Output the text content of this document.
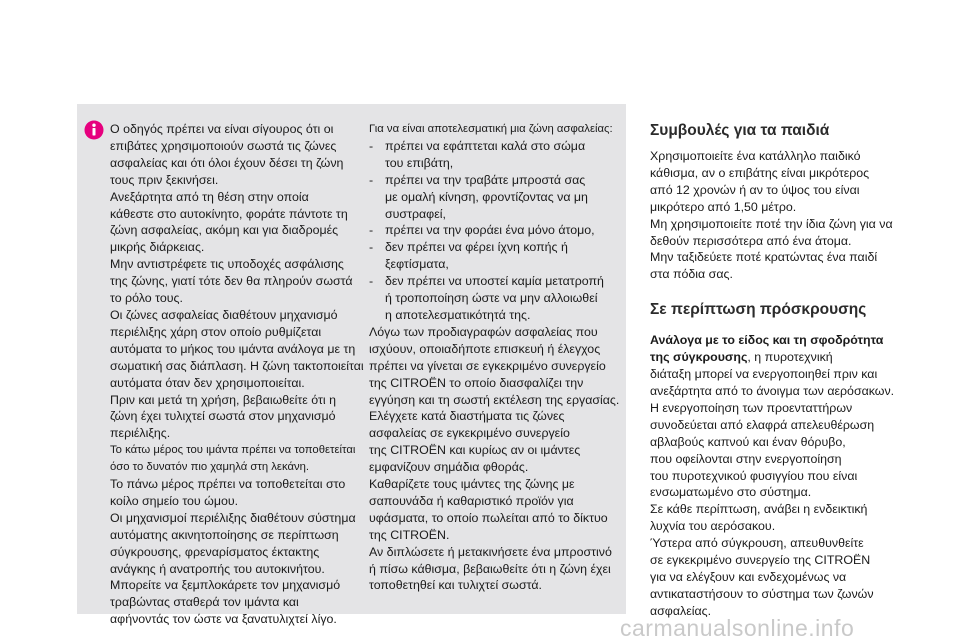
Ο οδηγός πρέπει να είναι σίγουρος ότι οι
επιβάτες χρησιμοποιούν σωστά τις ζώνες
ασφαλείας και ότι όλοι έχουν δέσει τη ζώνη
τους πριν ξεκινήσει.
Ανεξάρτητα από τη θέση στην οποία
κάθεστε στο αυτοκίνητο, φοράτε πάντοτε τη
ζώνη ασφαλείας, ακόμη και για διαδρομές
μικρής διάρκειας.
Μην αντιστρέφετε τις υποδοχές ασφάλισης
της ζώνης, γιατί τότε δεν θα πληρούν σωστά
το ρόλο τους.
Οι ζώνες ασφαλείας διαθέτουν μηχανισμό
περιέλιξης χάρη στον οποίο ρυθμίζεται
αυτόματα το μήκος του ιμάντα ανάλογα με τη
σωματική σας διάπλαση. Η ζώνη τακτοποιείται
αυτόματα όταν δεν χρησιμοποιείται.
Πριν και μετά τη χρήση, βεβαιωθείτε ότι η
ζώνη έχει τυλιχτεί σωστά στον μηχανισμό
περιέλιξης.
Το κάτω μέρος του ιμάντα πρέπει να τοποθετείται
όσο το δυνατόν πιο χαμηλά στη λεκάνη.
Το πάνω μέρος πρέπει να τοποθετείται στο
κοίλο σημείο του ώμου.
Οι μηχανισμοί περιέλιξης διαθέτουν σύστημα
αυτόματης ακινητοποίησης σε περίπτωση
σύγκρουσης, φρεναρίσματος έκτακτης
ανάγκης ή ανατροπής του αυτοκινήτου.
Μπορείτε να ξεμπλοκάρετε τον μηχανισμό
τραβώντας σταθερά τον ιμάντα και
αφήνοντάς τον ώστε να ξανατυλιχτεί λίγο.
Για να είναι αποτελεσματική μια ζώνη ασφαλείας:
- πρέπει να εφάπτεται καλά στο σώμα
του επιβάτη,
- πρέπει να την τραβάτε μπροστά σας
με ομαλή κίνηση, φροντίζοντας να μη
συστραφεί,
- πρέπει να την φοράει ένα μόνο άτομο,
- δεν πρέπει να φέρει ίχνη κοπής ή
ξεφτίσματα,
- δεν πρέπει να υποστεί καμία μετατροπή
ή τροποποίηση ώστε να μην αλλοιωθεί
η αποτελεσματικότητά της.
Λόγω των προδιαγραφών ασφαλείας που
ισχύουν, οποιαδήποτε επισκευή ή έλεγχος
πρέπει να γίνεται σε εγκεκριμένο συνεργείο
της CITROËN το οποίο διασφαλίζει την
εγγύηση και τη σωστή εκτέλεση της εργασίας.
Ελέγχετε κατά διαστήματα τις ζώνες
ασφαλείας σε εγκεκριμένο συνεργείο
της CITROËN και κυρίως αν οι ιμάντες
εμφανίζουν σημάδια φθοράς.
Καθαρίζετε τους ιμάντες της ζώνης με
σαπουνάδα ή καθαριστικό προϊόν για
υφάσματα, το οποίο πωλείται από το δίκτυο
της CITROËN.
Αν διπλώσετε ή μετακινήσετε ένα μπροστινό
ή πίσω κάθισμα, βεβαιωθείτε ότι η ζώνη έχει
τοποθετηθεί και τυλιχτεί σωστά.
Συμβουλές για τα παιδιά
Χρησιμοποιείτε ένα κατάλληλο παιδικό
κάθισμα, αν ο επιβάτης είναι μικρότερος
από 12 χρονών ή αν το ύψος του είναι
μικρότερο από 1,50 μέτρο.
Μη χρησιμοποιείτε ποτέ την ίδια ζώνη για να
δεθούν περισσότερα από ένα άτομα.
Μην ταξιδεύετε ποτέ κρατώντας ένα παιδί
στα πόδια σας.
Σε περίπτωση πρόσκρουσης
Ανάλογα με το είδος και τη σφοδρότητα
της σύγκρουσης, η πυροτεχνική
διάταξη μπορεί να ενεργοποιηθεί πριν και
ανεξάρτητα από το άνοιγμα των αερόσακων.
Η ενεργοποίηση των προενταττήρων
συνοδεύεται από ελαφρά απελευθέρωση
αβλαβούς καπνού και έναν θόρυβο,
που οφείλονται στην ενεργοποίηση
του πυροτεχνικού φυσιγγίου που είναι
ενσωματωμένο στο σύστημα.
Σε κάθε περίπτωση, ανάβει η ενδεικτική
λυχνία του αερόσακου.
Ύστερα από σύγκρουση, απευθυνθείτε
σε εγκεκριμένο συνεργείο της CITROËN
για να ελέγξουν και ενδεχομένως να
αντικαταστήσουν το σύστημα των ζωνών
ασφαλείας.
carmanualsonline.info
